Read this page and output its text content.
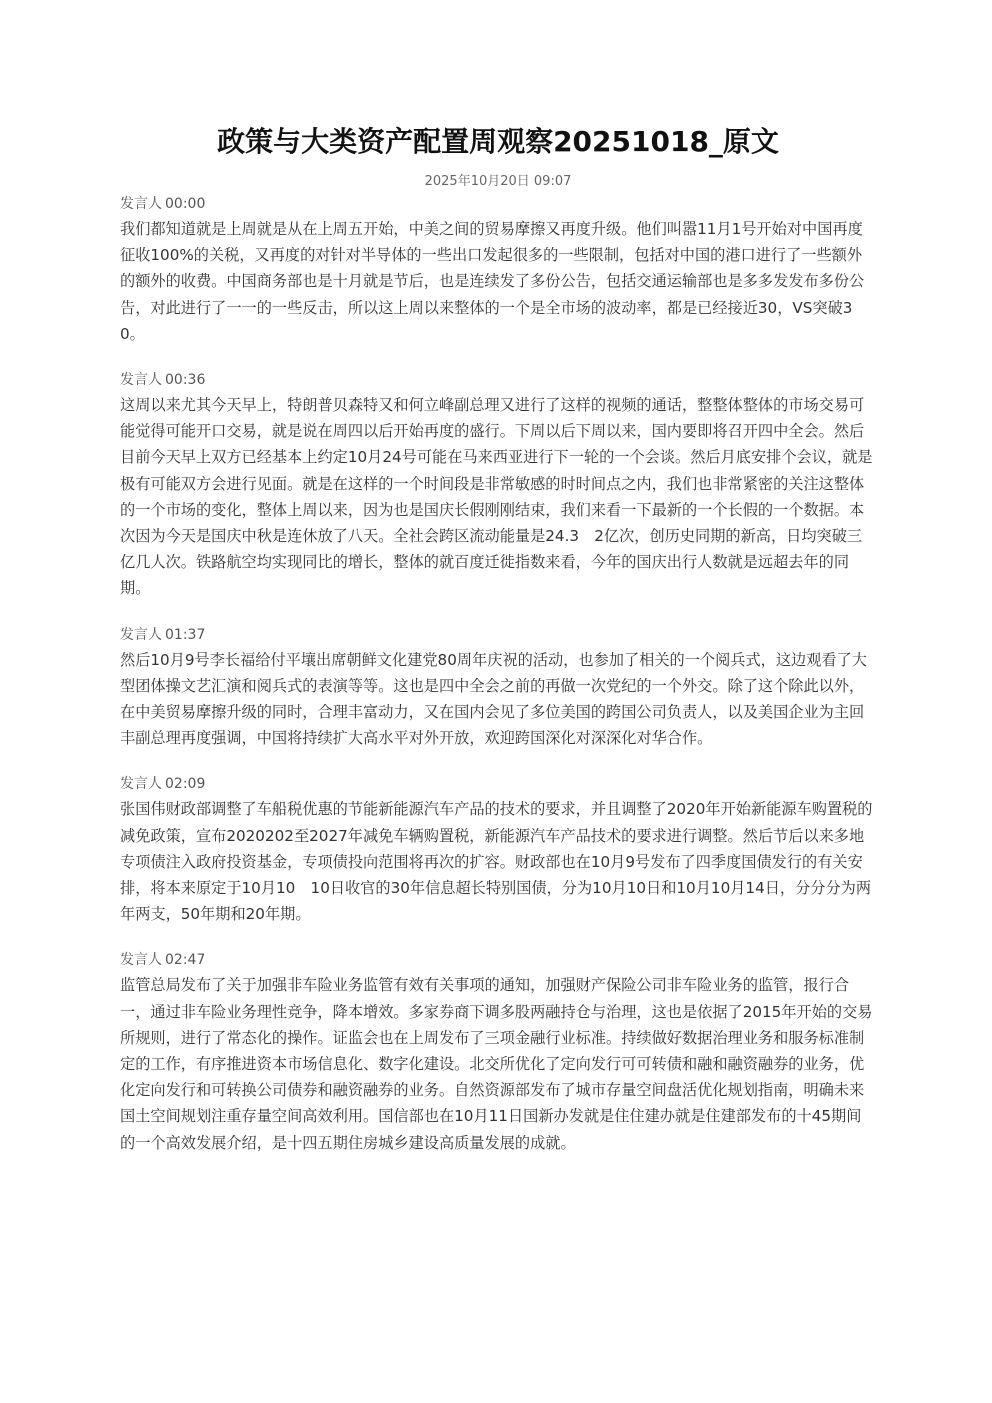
政策与大类资产配置周观察20251018_原文
2025年10月20日 09:07
发言人 00:00

我们都知道就是上周就是从在上周五开始，中美之间的贸易摩擦又再度升级。他们叫嚣11月1号开始对中国再度征收100%的关税，又再度的对针对半导体的一些出口发起很多的一些限制，包括对中国的港口进行了一些额外的额外的收费。中国商务部也是十月就是节后，也是连续发了多份公告，包括交通运输部也是多多发发布多份公告，对此进行了一一的一些反击，所以这上周以来整体的一个是全市场的波动率，都是已经接近30，VS突破30。

发言人 00:36

这周以来尤其今天早上，特朗普贝森特又和何立峰副总理又进行了这样的视频的通话，整整体整体的市场交易可能觉得可能开口交易，就是说在周四以后开始再度的盛行。下周以后下周以来，国内要即将召开四中全会。然后目前今天早上双方已经基本上约定10月24号可能在马来西亚进行下一轮的一个会谈。然后月底安排个会议，就是极有可能双方会进行见面。就是在这样的一个时间段是非常敏感的时时间点之内，我们也非常紧密的关注这整体的一个市场的变化，整体上周以来，因为也是国庆长假刚刚结束，我们来看一下最新的一个长假的一个数据。本次因为今天是国庆中秋是连休放了八天。全社会跨区流动能量是24.3　2亿次，创历史同期的新高，日均突破三亿几人次。铁路航空均实现同比的增长，整体的就百度迁徙指数来看，今年的国庆出行人数就是远超去年的同期。

发言人 01:37

然后10月9号李长福给付平壤出席朝鲜文化建党80周年庆祝的活动，也参加了相关的一个阅兵式，这边观看了大型团体操文艺汇演和阅兵式的表演等等。这也是四中全会之前的再做一次党纪的一个外交。除了这个除此以外，在中美贸易摩擦升级的同时，合理丰富动力，又在国内会见了多位美国的跨国公司负责人，以及美国企业为主回丰副总理再度强调，中国将持续扩大高水平对外开放，欢迎跨国深化对深深化对华合作。

发言人 02:09

张国伟财政部调整了车船税优惠的节能新能源汽车产品的技术的要求，并且调整了2020年开始新能源车购置税的减免政策，宣布2020202至2027年减免车辆购置税，新能源汽车产品技术的要求进行调整。然后节后以来多地专项债注入政府投资基金，专项债投向范围将再次的扩容。财政部也在10月9号发布了四季度国债发行的有关安排，将本来原定于10月10　10日收官的30年信息超长特别国债，分为10月10日和10月10月14日，分分分为两年两支，50年期和20年期。

发言人 02:47

监管总局发布了关于加强非车险业务监管有效有关事项的通知，加强财产保险公司非车险业务的监管，报行合一，通过非车险业务理性竞争，降本增效。多家券商下调多股两融持仓与治理，这也是依据了2015年开始的交易所规则，进行了常态化的操作。证监会也在上周发布了三项金融行业标准。持续做好数据治理业务和服务标准制定的工作，有序推进资本市场信息化、数字化建设。北交所优化了定向发行可可转债和融和融资融券的业务，优化定向发行和可转换公司债券和融资融券的业务。自然资源部发布了城市存量空间盘活优化规划指南，明确未来国土空间规划注重存量空间高效利用。国信部也在10月11日国新办发就是住住建办就是住建部发布的十45期间的一个高效发展介绍，是十四五期住房城乡建设高质量发展的成就。
